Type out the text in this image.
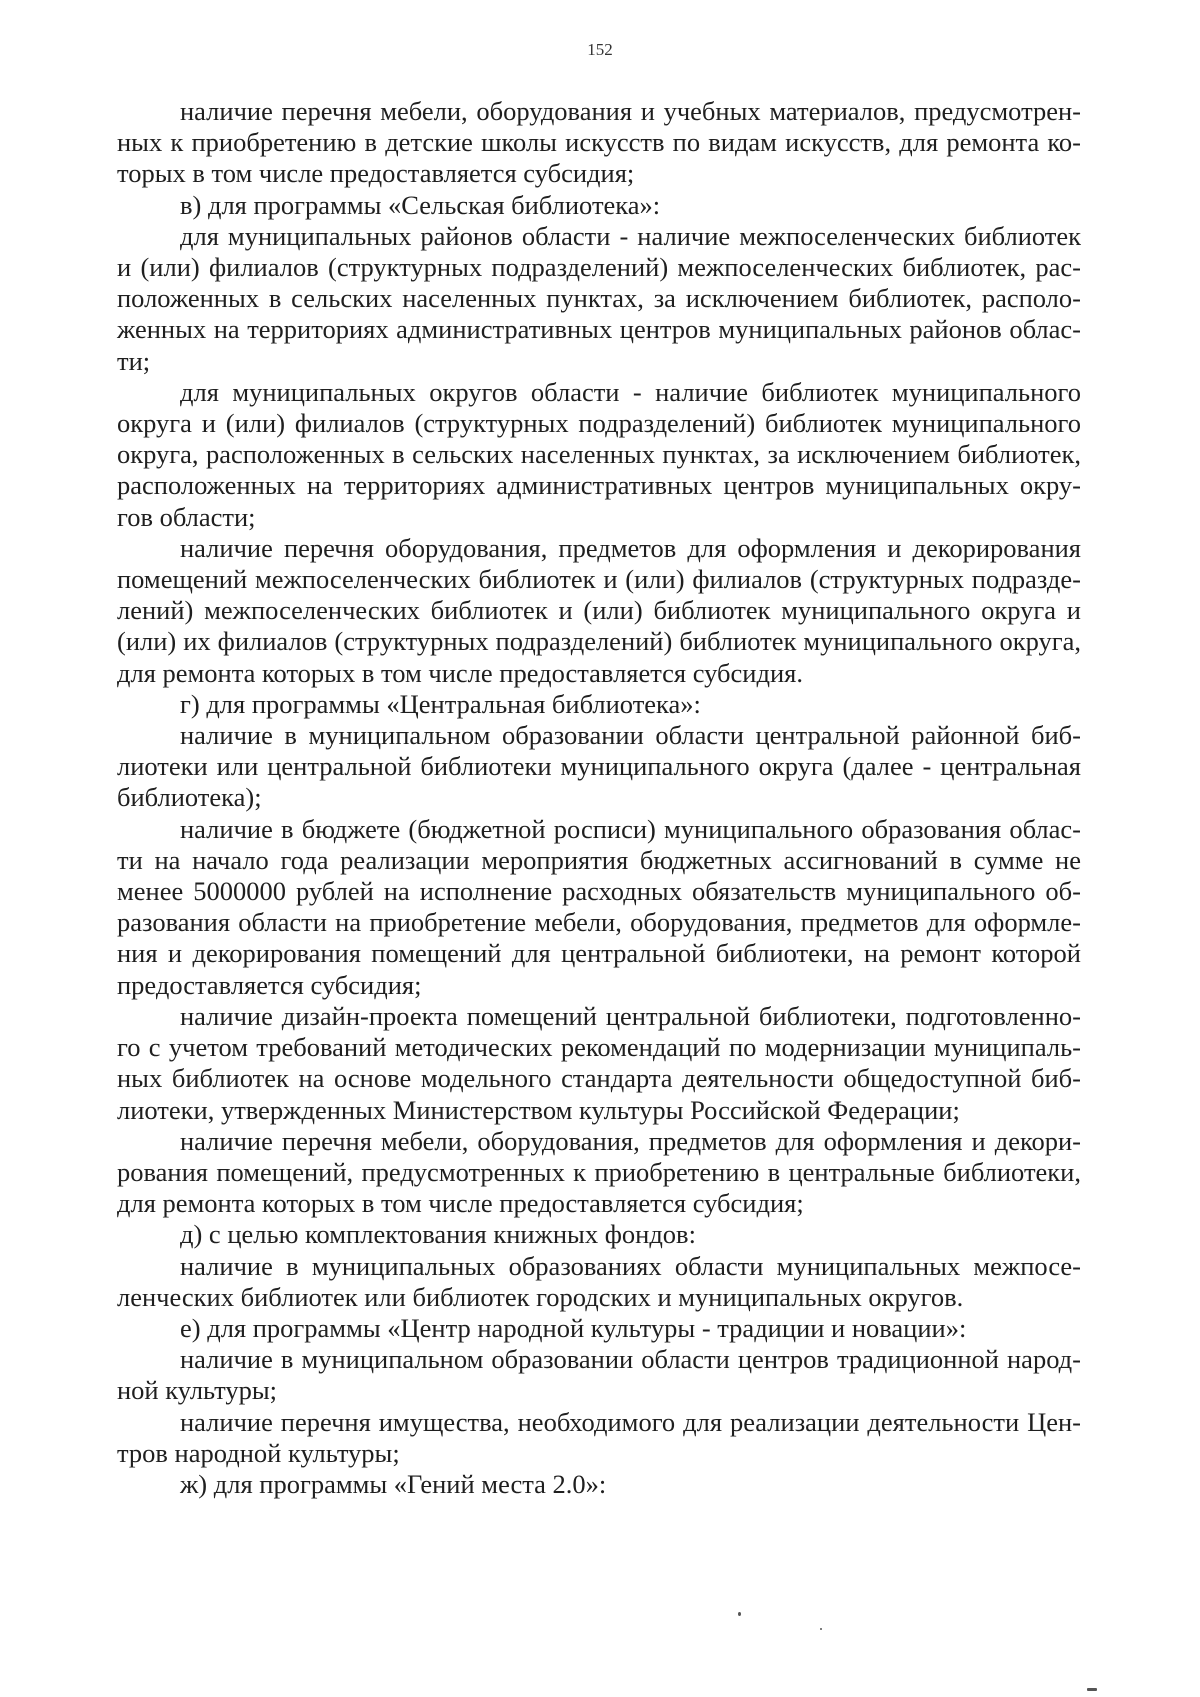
152

наличие перечня мебели, оборудования и учебных материалов, предусмотренных к приобретению в детские школы искусств по видам искусств, для ремонта которых в том числе предоставляется субсидия;

в) для программы «Сельская библиотека»:

для муниципальных районов области - наличие межпоселенческих библиотек и (или) филиалов (структурных подразделений) межпоселенческих библиотек, расположенных в сельских населенных пунктах, за исключением библиотек, расположенных на территориях административных центров муниципальных районов области;

для муниципальных округов области - наличие библиотек муниципального округа и (или) филиалов (структурных подразделений) библиотек муниципального округа, расположенных в сельских населенных пунктах, за исключением библиотек, расположенных на территориях административных центров муниципальных округов области;

наличие перечня оборудования, предметов для оформления и декорирования помещений межпоселенческих библиотек и (или) филиалов (структурных подразделений) межпоселенческих библиотек и (или) библиотек муниципального округа и (или) их филиалов (структурных подразделений) библиотек муниципального округа, для ремонта которых в том числе предоставляется субсидия.

г) для программы «Центральная библиотека»:

наличие в муниципальном образовании области центральной районной библиотеки или центральной библиотеки муниципального округа (далее - центральная библиотека);

наличие в бюджете (бюджетной росписи) муниципального образования области на начало года реализации мероприятия бюджетных ассигнований в сумме не менее 5000000 рублей на исполнение расходных обязательств муниципального образования области на приобретение мебели, оборудования, предметов для оформления и декорирования помещений для центральной библиотеки, на ремонт которой предоставляется субсидия;

наличие дизайн-проекта помещений центральной библиотеки, подготовленного с учетом требований методических рекомендаций по модернизации муниципальных библиотек на основе модельного стандарта деятельности общедоступной библиотеки, утвержденных Министерством культуры Российской Федерации;

наличие перечня мебели, оборудования, предметов для оформления и декорирования помещений, предусмотренных к приобретению в центральные библиотеки, для ремонта которых в том числе предоставляется субсидия;

д) с целью комплектования книжных фондов:

наличие в муниципальных образованиях области муниципальных межпоселенческих библиотек или библиотек городских и муниципальных округов.

е) для программы «Центр народной культуры - традиции и новации»:

наличие в муниципальном образовании области центров традиционной народной культуры;

наличие перечня имущества, необходимого для реализации деятельности Центров народной культуры;

ж) для программы «Гений места 2.0»:
